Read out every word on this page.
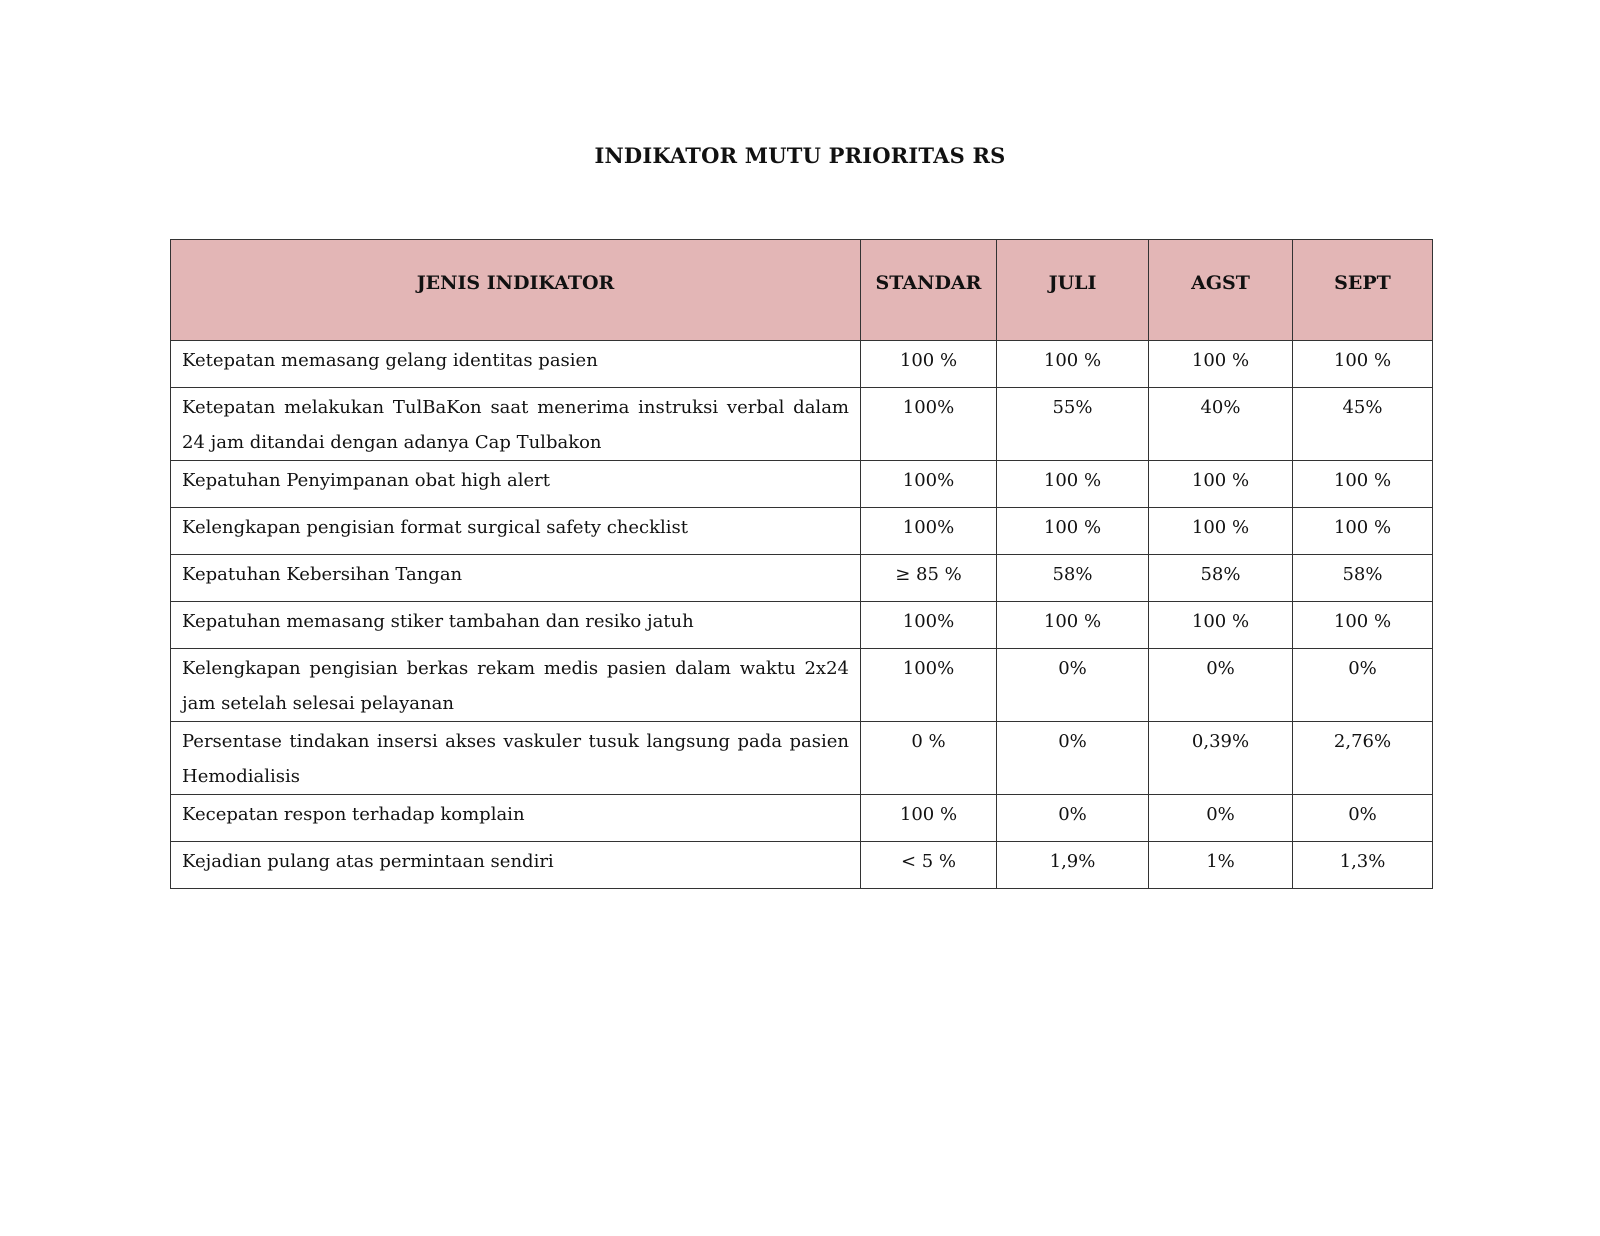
INDIKATOR MUTU PRIORITAS RS
JENIS INDIKATOR	STANDAR	JULI	AGST	SEPT
Ketepatan memasang gelang identitas pasien	100 %	100 %	100 %	100 %
Ketepatan melakukan TulBaKon saat menerima instruksi verbal dalam 24 jam ditandai dengan adanya Cap Tulbakon	100%	55%	40%	45%
Kepatuhan Penyimpanan obat high alert	100%	100 %	100 %	100 %
Kelengkapan pengisian format surgical safety checklist	100%	100 %	100 %	100 %
Kepatuhan Kebersihan Tangan	≥ 85 %	58%	58%	58%
Kepatuhan memasang stiker tambahan dan resiko jatuh	100%	100 %	100 %	100 %
Kelengkapan pengisian berkas rekam medis pasien dalam waktu 2x24 jam setelah selesai pelayanan	100%	0%	0%	0%
Persentase tindakan insersi akses vaskuler tusuk langsung pada pasien Hemodialisis	0 %	0%	0,39%	2,76%
Kecepatan respon terhadap komplain	100 %	0%	0%	0%
Kejadian pulang atas permintaan sendiri	< 5 %	1,9%	1%	1,3%
